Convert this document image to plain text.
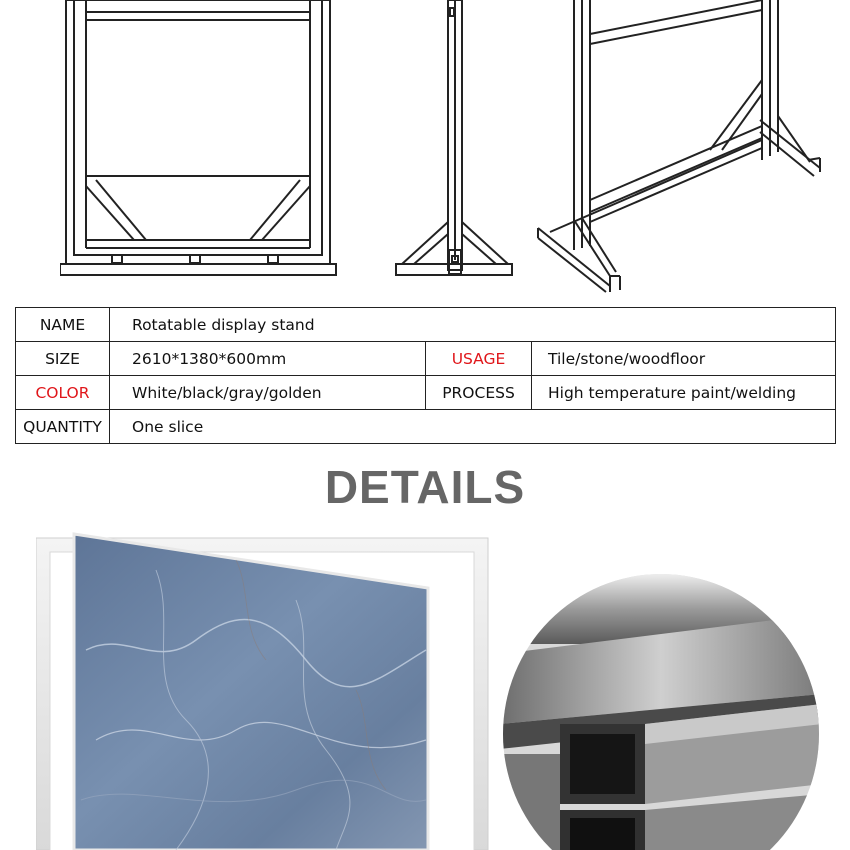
NAME	Rotatable display stand		
SIZE	2610*1380*600mm	USAGE	Tile/stone/woodfloor
COLOR	White/black/gray/golden	PROCESS	High temperature paint/welding
QUANTITY	One slice		
DETAILS
